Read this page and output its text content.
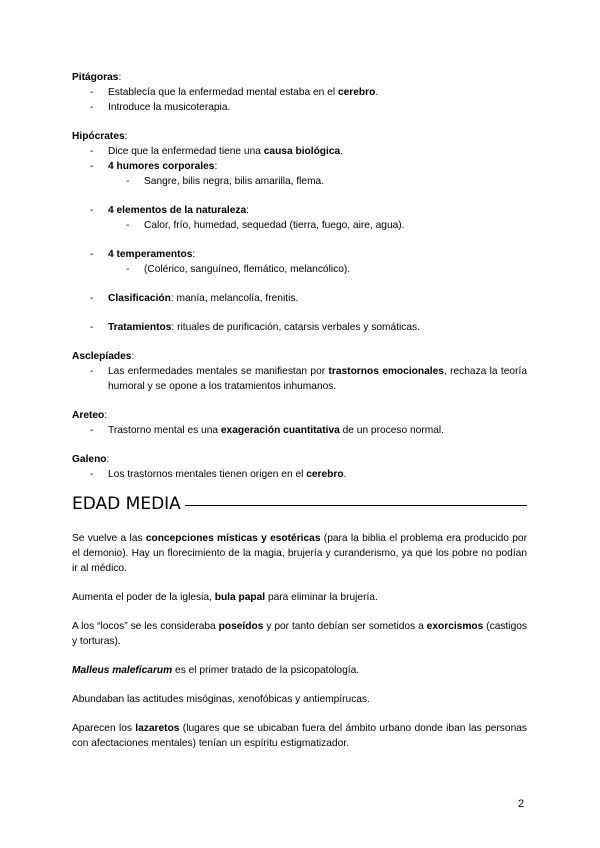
Pitágoras:
- Establecía que la enfermedad mental estaba en el cerebro.
- Introduce la musicoterapia.
Hipócrates:
- Dice que la enfermedad tiene una causa biológica.
- 4 humores corporales:
- Sangre, bilis negra, bilis amarilla, flema.
- 4 elementos de la naturaleza:
- Calor, frío, humedad, sequedad (tierra, fuego, aire, agua).
- 4 temperamentos:
- (Colérico, sanguíneo, flemático, melancólico).
- Clasificación: manía, melancolía, frenitis.
- Tratamientos: rituales de purificación, catarsis verbales y somáticas.
Asclepíades:
- Las enfermedades mentales se manifiestan por trastornos emocionales, rechaza la teoría humoral y se opone a los tratamientos inhumanos.
Areteo:
- Trastorno mental es una exageración cuantitativa de un proceso normal.
Galeno:
- Los trastornos mentales tienen origen en el cerebro.
EDAD MEDIA

Se vuelve a las concepciones místicas y esotéricas (para la biblia el problema era producido por el demonio). Hay un florecimiento de la magia, brujería y curanderismo, ya que los pobre no podían ir al médico.

Aumenta el poder de la iglesia, bula papal para eliminar la brujería.

A los “locos” se les consideraba poseídos y por tanto debían ser sometidos a exorcismos (castigos y torturas).

Malleus maleficarum es el primer tratado de la psicopatología.

Abundaban las actitudes misóginas, xenofóbicas y antiempírucas.

Aparecen los lazaretos (lugares que se ubicaban fuera del ámbito urbano donde iban las personas con afectaciones mentales) tenían un espíritu estigmatizador.

2
